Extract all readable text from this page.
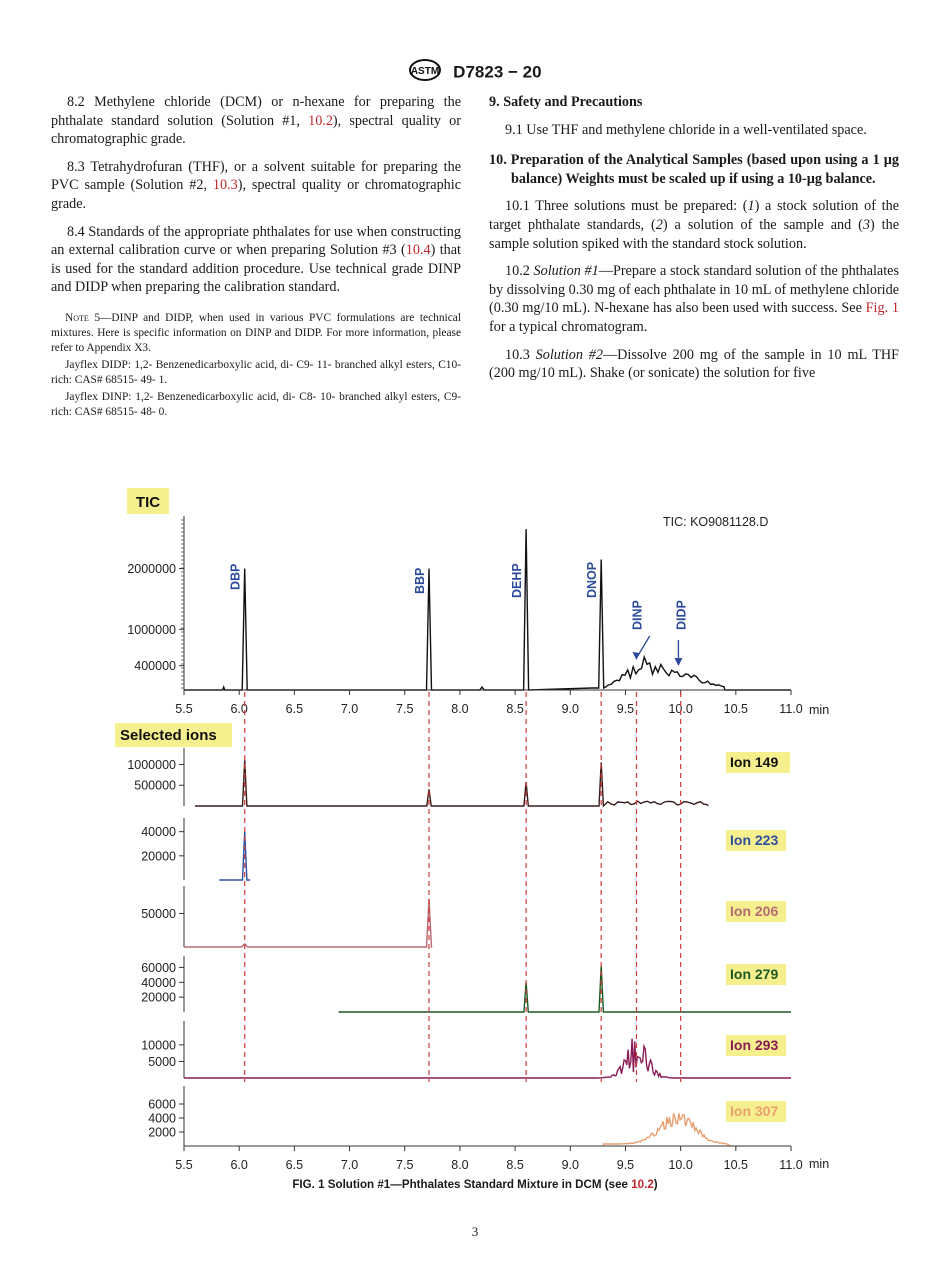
ASTM D7823 − 20

8.2 Methylene chloride (DCM) or n-hexane for preparing the phthalate standard solution (Solution #1, 10.2), spectral quality or chromatographic grade.

8.3 Tetrahydrofuran (THF), or a solvent suitable for preparing the PVC sample (Solution #2, 10.3), spectral quality or chromatographic grade.

8.4 Standards of the appropriate phthalates for use when constructing an external calibration curve or when preparing Solution #3 (10.4) that is used for the standard addition procedure. Use technical grade DINP and DIDP when preparing the calibration standard.

Note 5—DINP and DIDP, when used in various PVC formulations are technical mixtures. Here is specific information on DINP and DIDP. For more information, please refer to Appendix X3.

Jayflex DIDP: 1,2- Benzenedicarboxylic acid, di- C9- 11- branched alkyl esters, C10- rich: CAS# 68515- 49- 1.

Jayflex DINP: 1,2- Benzenedicarboxylic acid, di- C8- 10- branched alkyl esters, C9- rich: CAS# 68515- 48- 0.

9. Safety and Precautions

9.1 Use THF and methylene chloride in a well-ventilated space.

10. Preparation of the Analytical Samples (based upon using a 1 µg balance) Weights must be scaled up if using a 10-µg balance.

10.1 Three solutions must be prepared: (1) a stock solution of the target phthalate standards, (2) a solution of the sample and (3) the sample solution spiked with the standard stock solution.

10.2 Solution #1—Prepare a stock standard solution of the phthalates by dissolving 0.30 mg of each phthalate in 10 mL of methylene chloride (0.30 mg/10 mL). N-hexane has also been used with success. See Fig. 1 for a typical chromatogram.

10.3 Solution #2—Dissolve 200 mg of the sample in 10 mL THF (200 mg/10 mL). Shake (or sonicate) the solution for five

TIC
TIC: KO9081128.D
Selected ions
min
min
2000000
1000000
400000
1000000
500000
Ion 149
40000
20000
Ion 223
50000	Ion 206
60000
40000
20000
Ion 279
10000
5000
Ion 293
6000
4000
2000
Ion 307
5.5	6.0	6.5	7.0	7.5	8.0	8.5	9.0	9.5	10.0 10.5	11.0
5.5	6.0	6.5	7.0	7.5	8.0	8.5	9.0	9.5	10.0 10.5	11.0
DBP	BBP	DEHP	DNOP
DINP DIDP
FIG. 1 Solution #1—Phthalates Standard Mixture in DCM (see 10.2)
3
